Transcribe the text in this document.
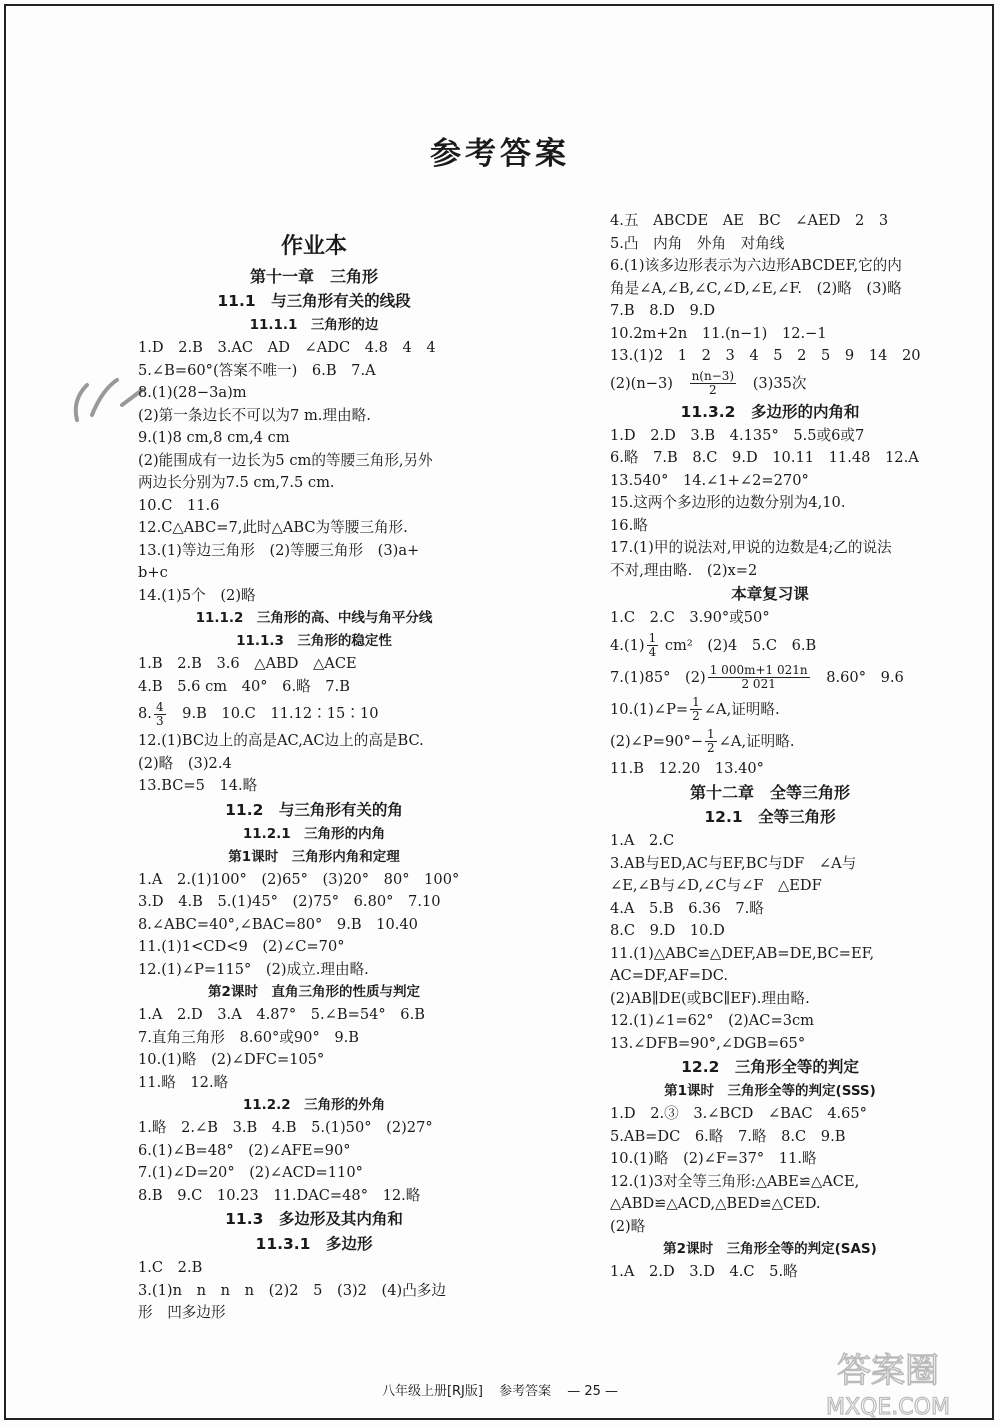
参考答案
作业本
第十一章　三角形
11.1　与三角形有关的线段
11.1.1　三角形的边
1.D　2.B　3.AC　AD　∠ADC　4.8　4　4
5.∠B=60°(答案不唯一)　6.B　7.A
8.(1)(28−3a)m
(2)第一条边长不可以为7 m.理由略.
9.(1)8 cm,8 cm,4 cm
(2)能围成有一边长为5 cm的等腰三角形,另外
两边长分别为7.5 cm,7.5 cm.
10.C　11.6
12.C△ABC=7,此时△ABC为等腰三角形.
13.(1)等边三角形　(2)等腰三角形　(3)a+
b+c
14.(1)5个　(2)略
11.1.2　三角形的高、中线与角平分线
11.1.3　三角形的稳定性
1.B　2.B　3.6　△ABD　△ACE
4.B　5.6 cm　40°　6.略　7.B
8. $\frac{4}{3}$ 　9.B　10.C　11.12∶15∶10
12.(1)BC边上的高是AC,AC边上的高是BC.
(2)略　(3)2.4
13.BC=5　14.略
11.2　与三角形有关的角
11.2.1　三角形的内角
第1课时　三角形内角和定理
1.A　2.(1)100°　(2)65°　(3)20°　80°　100°
3.D　4.B　5.(1)45°　(2)75°　6.80°　7.10
8.∠ABC=40°,∠BAC=80°　9.B　10.40
11.(1)1<CD<9　(2)∠C=70°
12.(1)∠P=115°　(2)成立.理由略.
第2课时　直角三角形的性质与判定
1.A　2.D　3.A　4.87°　5.∠B=54°　6.B
7.直角三角形　8.60°或90°　9.B
10.(1)略　(2)∠DFC=105°
11.略　12.略
11.2.2　三角形的外角
1.略　2.∠B　3.B　4.B　5.(1)50°　(2)27°
6.(1)∠B=48°　(2)∠AFE=90°
7.(1)∠D=20°　(2)∠ACD=110°
8.B　9.C　10.23　11.DAC=48°　12.略
11.3　多边形及其内角和
11.3.1　多边形
1.C　2.B
3.(1)n　n　n　n　(2)2　5　(3)2　(4)凸多边
形　凹多边形
4.五　ABCDE　AE　BC　∠AED　2　3
5.凸　内角　外角　对角线
6.(1)该多边形表示为六边形ABCDEF,它的内
角是∠A,∠B,∠C,∠D,∠E,∠F.　(2)略　(3)略
7.B　8.D　9.D
10.2m+2n　11.(n−1)　12.−1
13.(1)2　1　2　3　4　5　2　5　9　14　20
(2)(n−3)　 $\frac{n(n-3)}{2}$ 　(3)35次
11.3.2　多边形的内角和
1.D　2.D　3.B　4.135°　5.5或6或7
6.略　7.B　8.C　9.D　10.11　11.48　12.A
13.540°　14.∠1+∠2=270°
15.这两个多边形的边数分别为4,10.
16.略
17.(1)甲的说法对,甲说的边数是4;乙的说法
不对,理由略.　(2)x=2
本章复习课
1.C　2.C　3.90°或50°
$4.(1) \frac{1}{4} cm^2$　(2)4　5.C　6.B
7.(1)85°　$(2) \frac{1 000m+1 021n}{2 021}$ 　8.60°　9.6
10.(1)∠P= $\frac{1}{2}$ ∠A,证明略.
(2)∠P=90°− $\frac{1}{2}$ ∠A,证明略.
11.B　12.20　13.40°
第十二章　全等三角形
12.1　全等三角形
1.A　2.C
3.AB与ED,AC与EF,BC与DF　∠A与
∠E,∠B与∠D,∠C与∠F　△EDF
4.A　5.B　6.36　7.略
8.C　9.D　10.D
11.(1)△ABC≌△DEF,AB=DE,BC=EF,
AC=DF,AF=DC.
(2)AB∥DE(或BC∥EF).理由略.
12.(1)∠1=62°　(2)AC=3cm
13.∠DFB=90°,∠DGB=65°
12.2　三角形全等的判定
第1课时　三角形全等的判定(SSS)
1.D　2.③　3.∠BCD　∠BAC　4.65°
5.AB=DC　6.略　7.略　8.C　9.B
10.(1)略　(2)∠F=37°　11.略
12.(1)3对全等三角形:△ABE≌△ACE,
△ABD≌△ACD,△BED≌△CED.
(2)略
第2课时　三角形全等的判定(SAS)
1.A　2.D　3.D　4.C　5.略
八年级上册[RJ版] 参考答案 — 25 —
答案圈
MXQE.COM
